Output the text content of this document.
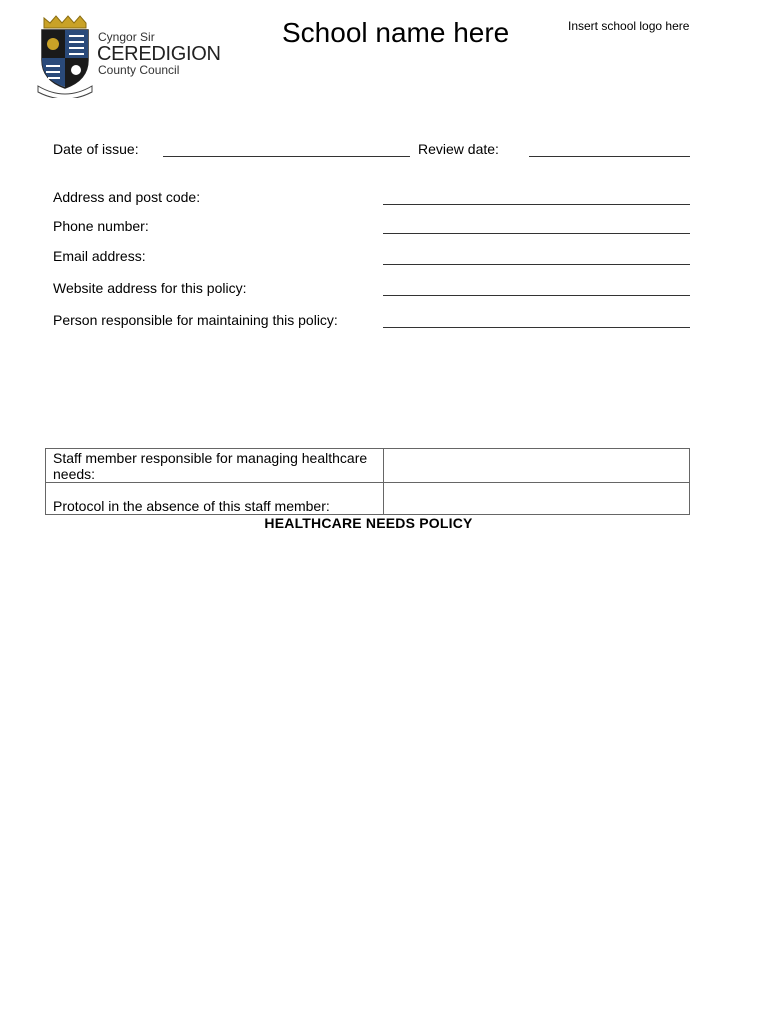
Cyngor Sir
CEREDIGION
County Council
School name here	Insert school logo here
Date of issue:	Review date:
Address and post code:
Phone number:
Email address:
Website address for this policy:
Person responsible for maintaining this policy:
Staff member responsible for managing healthcare needs:	
Protocol in the absence of this staff member:	
HEALTHCARE NEEDS POLICY
